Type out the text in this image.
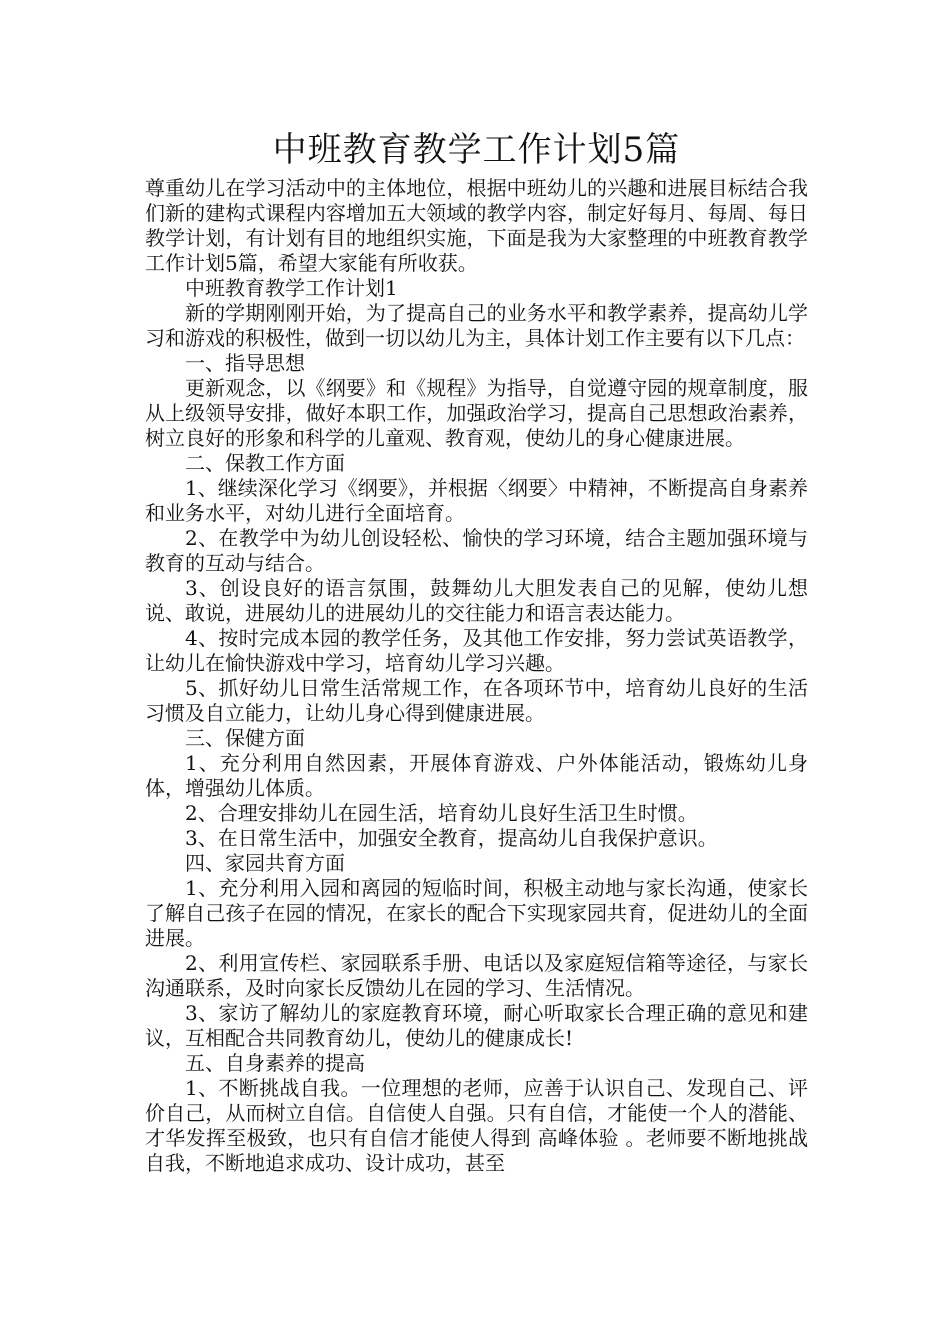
中班教育教学工作计划5篇

尊重幼儿在学习活动中的主体地位，根据中班幼儿的兴趣和进展目标结合我们新的建构式课程内容增加五大领域的教学内容，制定好每月、每周、每日教学计划，有计划有目的地组织实施，下面是我为大家整理的中班教育教学工作计划5篇，希望大家能有所收获。

中班教育教学工作计划1

新的学期刚刚开始，为了提高自己的业务水平和教学素养，提高幼儿学习和游戏的积极性，做到一切以幼儿为主，具体计划工作主要有以下几点：

一、指导思想

更新观念，以《纲要》和《规程》为指导，自觉遵守园的规章制度，服从上级领导安排，做好本职工作，加强政治学习，提高自己思想政治素养，树立良好的形象和科学的儿童观、教育观，使幼儿的身心健康进展。

二、保教工作方面

1、继续深化学习《纲要》，并根据〈纲要〉中精神，不断提高自身素养和业务水平，对幼儿进行全面培育。

2、在教学中为幼儿创设轻松、愉快的学习环境，结合主题加强环境与教育的互动与结合。

3、创设良好的语言氛围，鼓舞幼儿大胆发表自己的见解，使幼儿想说、敢说，进展幼儿的进展幼儿的交往能力和语言表达能力。

4、按时完成本园的教学任务，及其他工作安排，努力尝试英语教学，让幼儿在愉快游戏中学习，培育幼儿学习兴趣。

5、抓好幼儿日常生活常规工作，在各项环节中，培育幼儿良好的生活习惯及自立能力，让幼儿身心得到健康进展。

三、保健方面

1、充分利用自然因素，开展体育游戏、户外体能活动，锻炼幼儿身体，增强幼儿体质。

2、合理安排幼儿在园生活，培育幼儿良好生活卫生时惯。

3、在日常生活中，加强安全教育，提高幼儿自我保护意识。

四、家园共育方面

1、充分利用入园和离园的短临时间，积极主动地与家长沟通，使家长了解自己孩子在园的情况，在家长的配合下实现家园共育，促进幼儿的全面进展。

2、利用宣传栏、家园联系手册、电话以及家庭短信箱等途径，与家长沟通联系，及时向家长反馈幼儿在园的学习、生活情况。

3、家访了解幼儿的家庭教育环境，耐心听取家长合理正确的意见和建议，互相配合共同教育幼儿，使幼儿的健康成长!

五、自身素养的提高

1、不断挑战自我。一位理想的老师，应善于认识自己、发现自己、评价自己，从而树立自信。自信使人自强。只有自信，才能使一个人的潜能、才华发挥至极致，也只有自信才能使人得到 高峰体验 。老师要不断地挑战自我，不断地追求成功、设计成功，甚至
